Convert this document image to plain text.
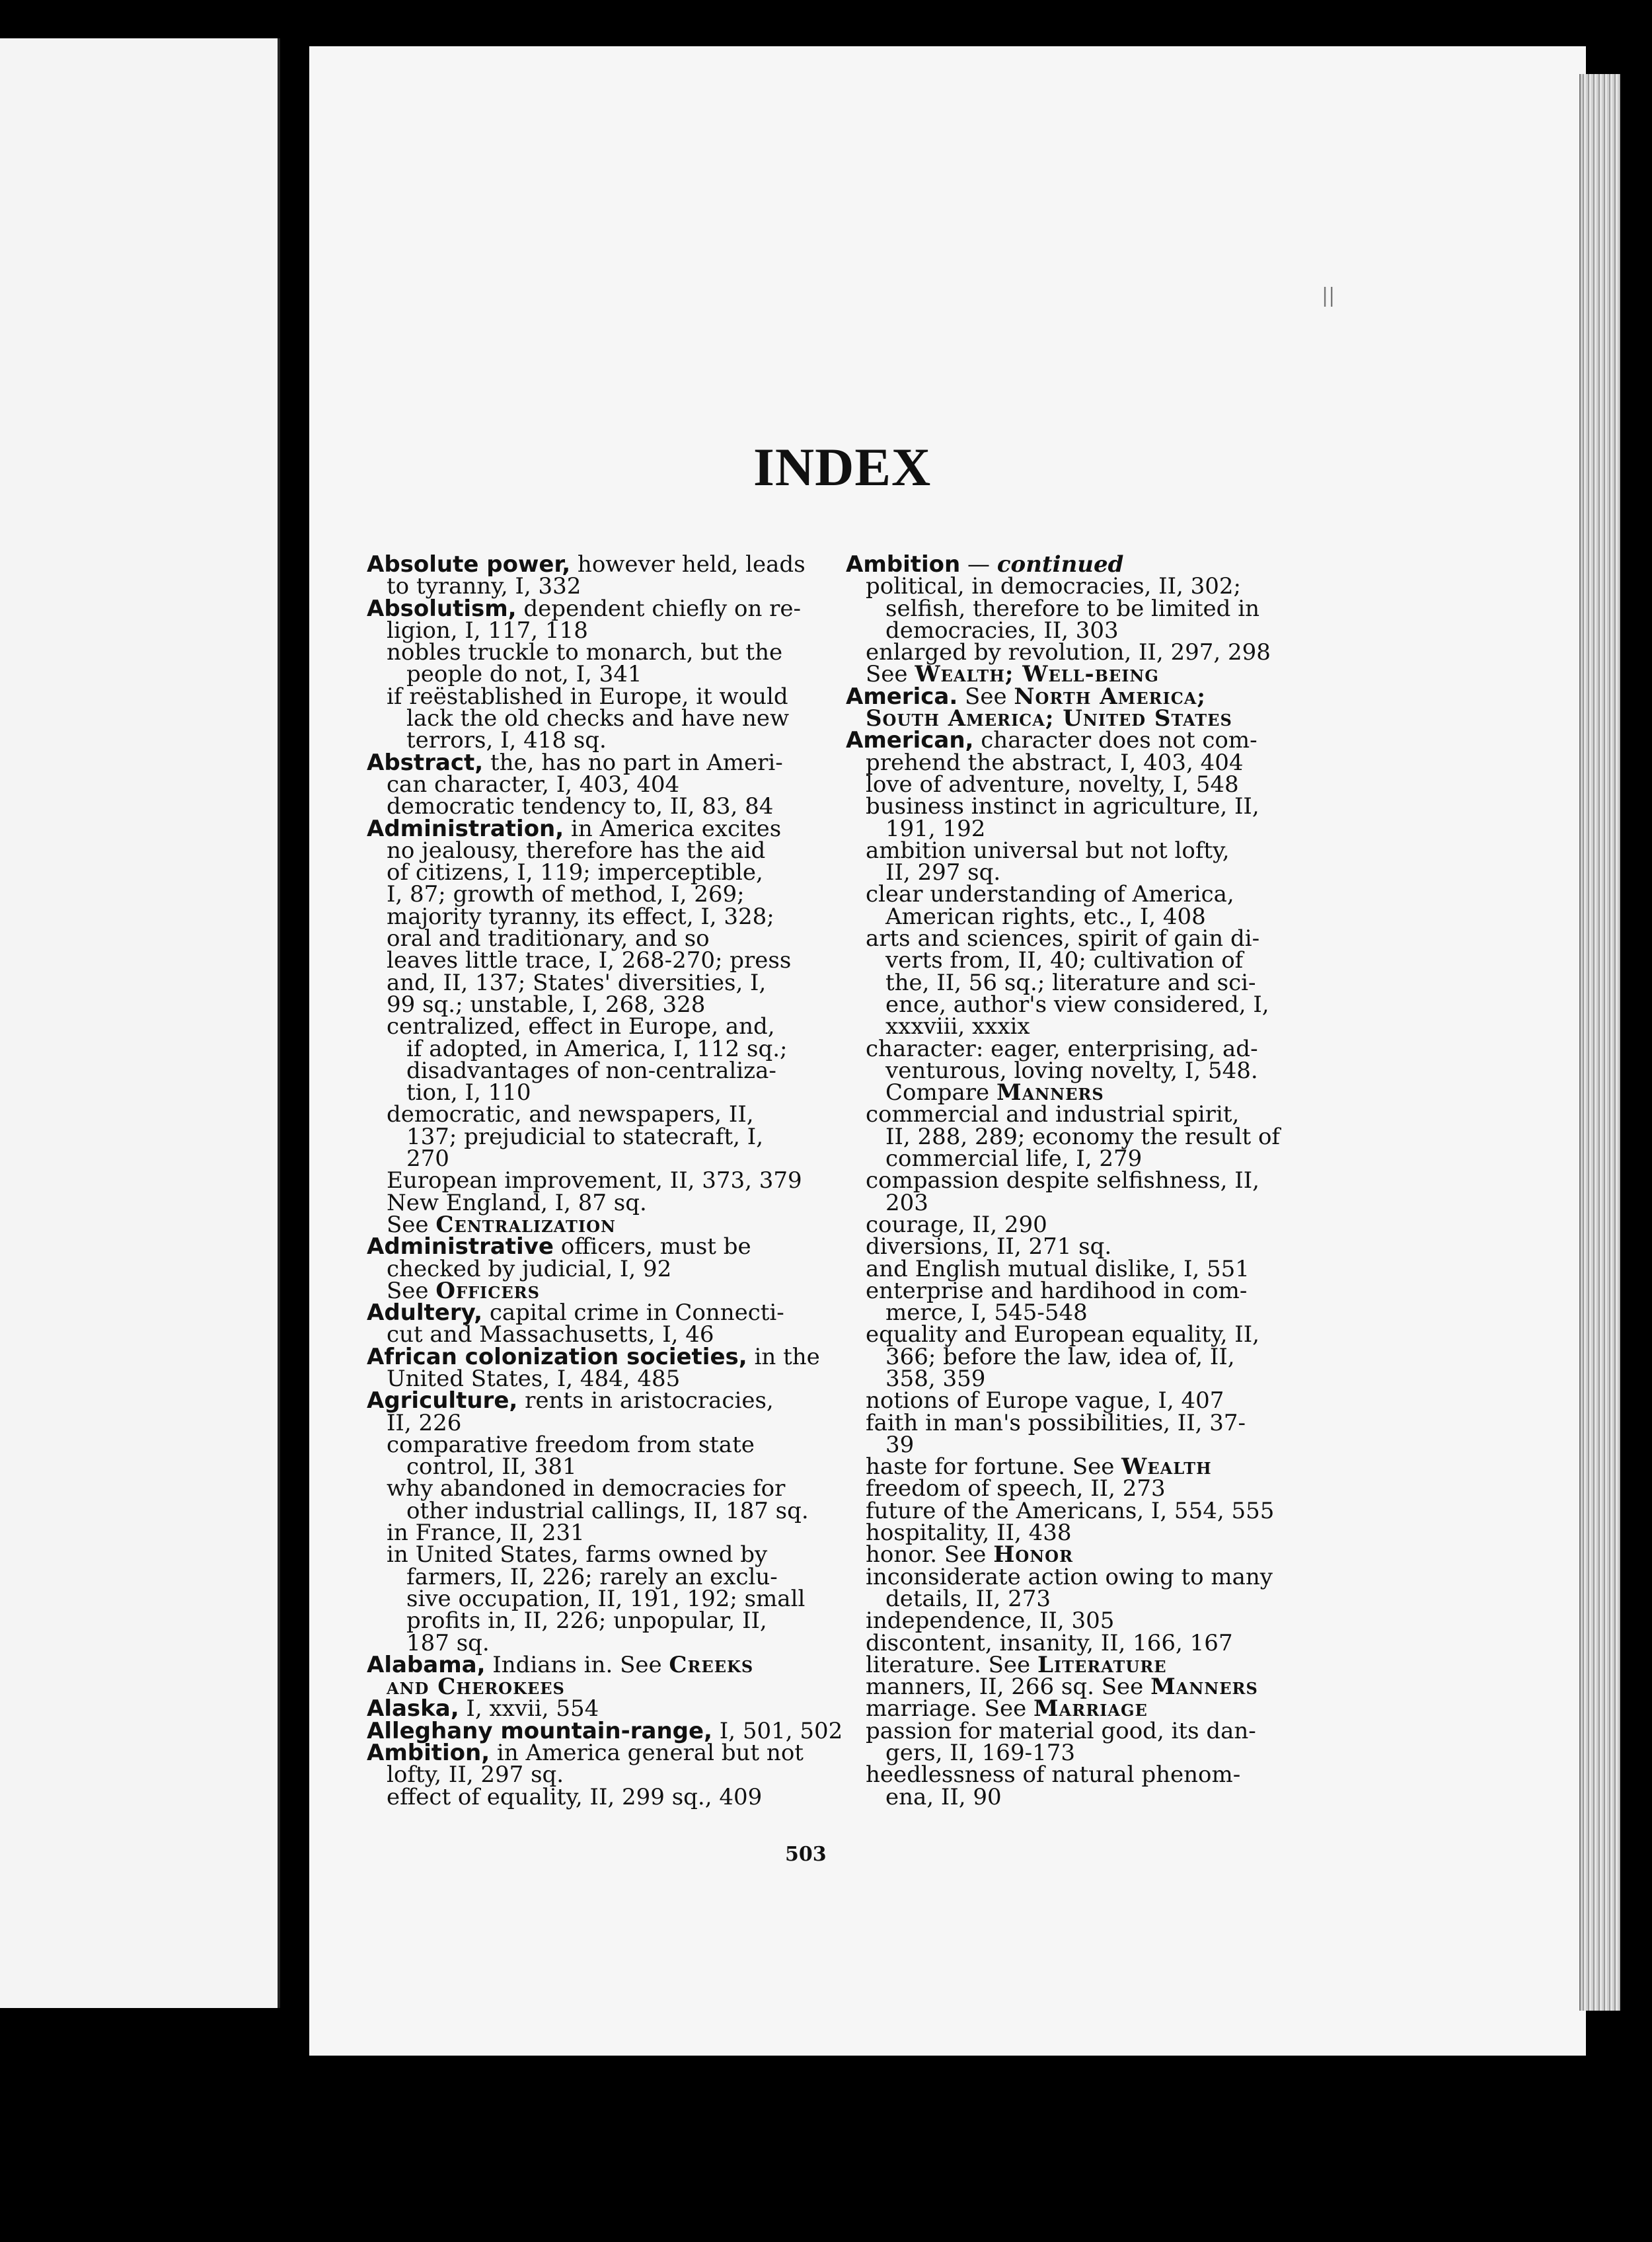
||
INDEX

Absolute power, however held, leads

to tyranny, I, 332

Absolutism, dependent chiefly on re-

ligion, I, 117, 118

nobles truckle to monarch, but the

people do not, I, 341

if reëstablished in Europe, it would

lack the old checks and have new

terrors, I, 418 sq.

Abstract, the, has no part in Ameri-

can character, I, 403, 404

democratic tendency to, II, 83, 84

Administration, in America excites

no jealousy, therefore has the aid

of citizens, I, 119; imperceptible,

I, 87; growth of method, I, 269;

majority tyranny, its effect, I, 328;

oral and traditionary, and so

leaves little trace, I, 268-270; press

and, II, 137; States' diversities, I,

99 sq.; unstable, I, 268, 328

centralized, effect in Europe, and,

if adopted, in America, I, 112 sq.;

disadvantages of non-centraliza-

tion, I, 110

democratic, and newspapers, II,

137; prejudicial to statecraft, I,

270

European improvement, II, 373, 379

New England, I, 87 sq.

See Centralization

Administrative officers, must be

checked by judicial, I, 92

See Officers

Adultery, capital crime in Connecti-

cut and Massachusetts, I, 46

African colonization societies, in the

United States, I, 484, 485

Agriculture, rents in aristocracies,

II, 226

comparative freedom from state

control, II, 381

why abandoned in democracies for

other industrial callings, II, 187 sq.

in France, II, 231

in United States, farms owned by

farmers, II, 226; rarely an exclu-

sive occupation, II, 191, 192; small

profits in, II, 226; unpopular, II,

187 sq.

Alabama, Indians in. See Creeks

and Cherokees

Alaska, I, xxvii, 554

Alleghany mountain-range, I, 501, 502

Ambition, in America general but not

lofty, II, 297 sq.

effect of equality, II, 299 sq., 409

Ambition — continued

political, in democracies, II, 302;

selfish, therefore to be limited in

democracies, II, 303

enlarged by revolution, II, 297, 298

See Wealth; Well-being

America. See North America;

South America; United States

American, character does not com-

prehend the abstract, I, 403, 404

love of adventure, novelty, I, 548

business instinct in agriculture, II,

191, 192

ambition universal but not lofty,

II, 297 sq.

clear understanding of America,

American rights, etc., I, 408

arts and sciences, spirit of gain di-

verts from, II, 40; cultivation of

the, II, 56 sq.; literature and sci-

ence, author's view considered, I,

xxxviii, xxxix

character: eager, enterprising, ad-

venturous, loving novelty, I, 548.

Compare Manners

commercial and industrial spirit,

II, 288, 289; economy the result of

commercial life, I, 279

compassion despite selfishness, II,

203

courage, II, 290

diversions, II, 271 sq.

and English mutual dislike, I, 551

enterprise and hardihood in com-

merce, I, 545-548

equality and European equality, II,

366; before the law, idea of, II,

358, 359

notions of Europe vague, I, 407

faith in man's possibilities, II, 37-

39

haste for fortune. See Wealth

freedom of speech, II, 273

future of the Americans, I, 554, 555

hospitality, II, 438

honor. See Honor

inconsiderate action owing to many

details, II, 273

independence, II, 305

discontent, insanity, II, 166, 167

literature. See Literature

manners, II, 266 sq. See Manners

marriage. See Marriage

passion for material good, its dan-

gers, II, 169-173

heedlessness of natural phenom-

ena, II, 90

503
